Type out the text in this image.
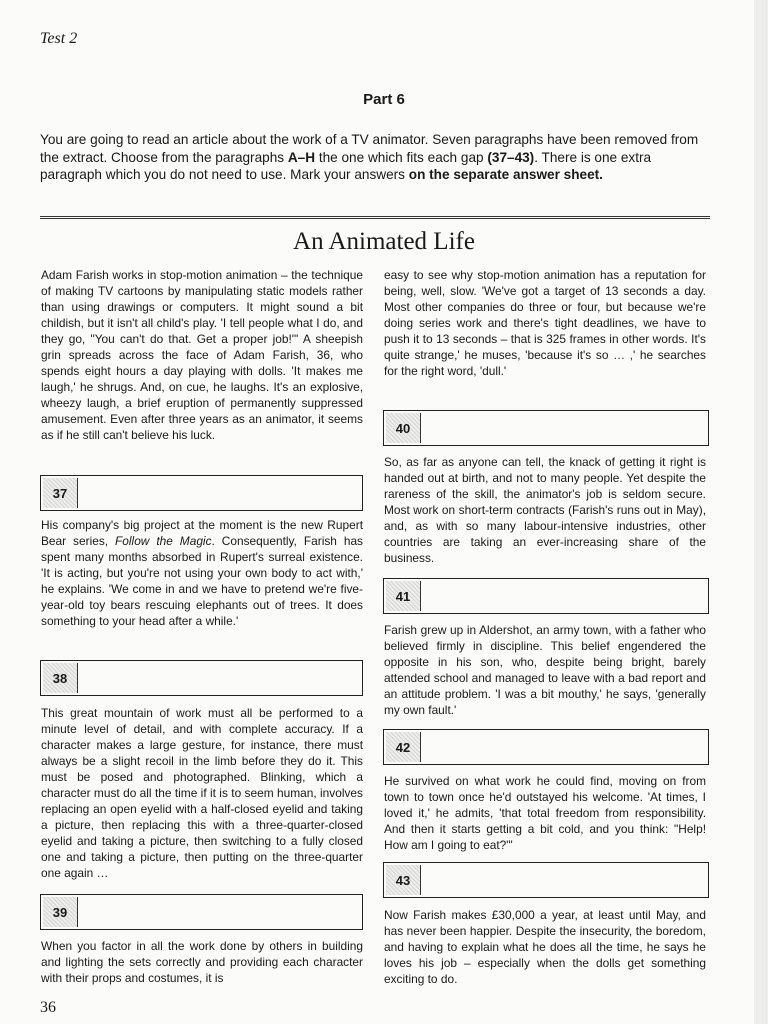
Test 2
Part 6

You are going to read an article about the work of a TV animator. Seven paragraphs have been removed from the extract. Choose from the paragraphs A–H the one which fits each gap (37–43). There is one extra paragraph which you do not need to use. Mark your answers on the separate answer sheet.

An Animated Life

Adam Farish works in stop-motion animation – the technique of making TV cartoons by manipulating static models rather than using drawings or computers. It might sound a bit childish, but it isn't all child's play. 'I tell people what I do, and they go, "You can't do that. Get a proper job!"' A sheepish grin spreads across the face of Adam Farish, 36, who spends eight hours a day playing with dolls. 'It makes me laugh,' he shrugs. And, on cue, he laughs. It's an explosive, wheezy laugh, a brief eruption of permanently suppressed amusement. Even after three years as an animator, it seems as if he still can't believe his luck.

37

His company's big project at the moment is the new Rupert Bear series, Follow the Magic. Consequently, Farish has spent many months absorbed in Rupert's surreal existence. 'It is acting, but you're not using your own body to act with,' he explains. 'We come in and we have to pretend we're five-year-old toy bears rescuing elephants out of trees. It does something to your head after a while.'

38

This great mountain of work must all be performed to a minute level of detail, and with complete accuracy. If a character makes a large gesture, for instance, there must always be a slight recoil in the limb before they do it. This must be posed and photographed. Blinking, which a character must do all the time if it is to seem human, involves replacing an open eyelid with a half-closed eyelid and taking a picture, then replacing this with a three-quarter-closed eyelid and taking a picture, then switching to a fully closed one and taking a picture, then putting on the three-quarter one again …

39

When you factor in all the work done by others in building and lighting the sets correctly and providing each character with their props and costumes, it is

easy to see why stop-motion animation has a reputation for being, well, slow. 'We've got a target of 13 seconds a day. Most other companies do three or four, but because we're doing series work and there's tight deadlines, we have to push it to 13 seconds – that is 325 frames in other words. It's quite strange,' he muses, 'because it's so … ,' he searches for the right word, 'dull.'

40

So, as far as anyone can tell, the knack of getting it right is handed out at birth, and not to many people. Yet despite the rareness of the skill, the animator's job is seldom secure. Most work on short-term contracts (Farish's runs out in May), and, as with so many labour-intensive industries, other countries are taking an ever-increasing share of the business.

41

Farish grew up in Aldershot, an army town, with a father who believed firmly in discipline. This belief engendered the opposite in his son, who, despite being bright, barely attended school and managed to leave with a bad report and an attitude problem. 'I was a bit mouthy,' he says, 'generally my own fault.'

42

He survived on what work he could find, moving on from town to town once he'd outstayed his welcome. 'At times, I loved it,' he admits, 'that total freedom from responsibility. And then it starts getting a bit cold, and you think: "Help! How am I going to eat?"'

43

Now Farish makes £30,000 a year, at least until May, and has never been happier. Despite the insecurity, the boredom, and having to explain what he does all the time, he says he loves his job – especially when the dolls get something exciting to do.

36
